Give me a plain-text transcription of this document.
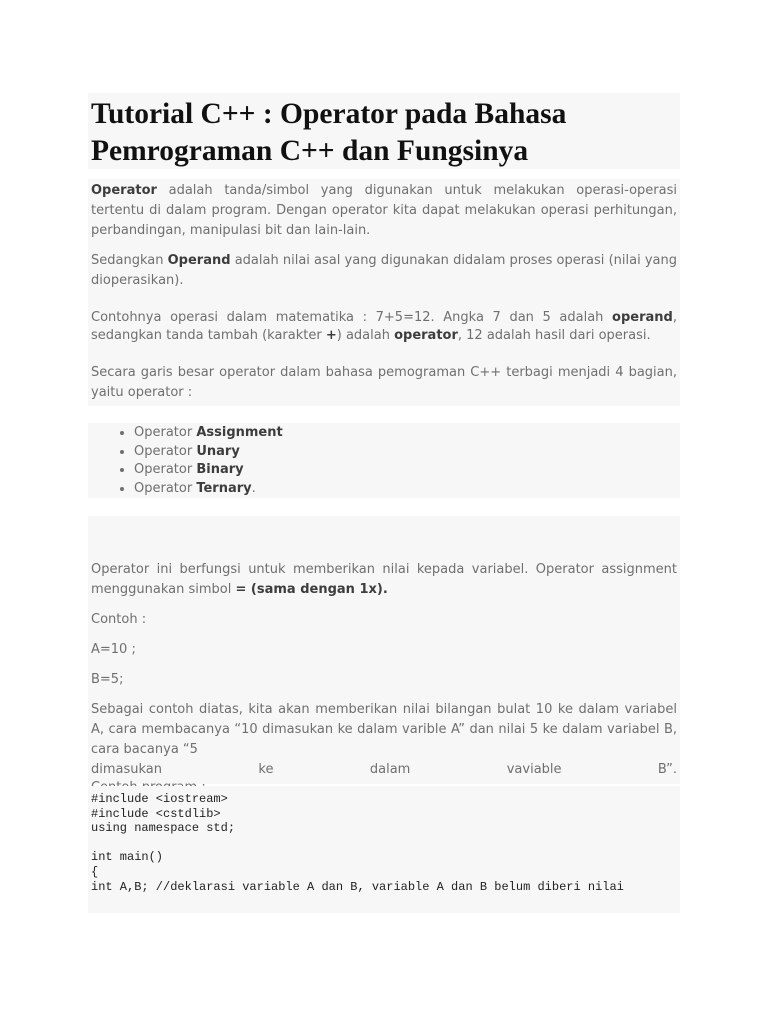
Tutorial C++ : Operator pada Bahasa
Pemrograman C++ dan Fungsinya

Operator adalah tanda/simbol yang digunakan untuk melakukan operasi-operasi tertentu di dalam program. Dengan operator kita dapat melakukan operasi perhitungan, perbandingan, manipulasi bit dan lain-lain.

Sedangkan Operand adalah nilai asal yang digunakan didalam proses operasi (nilai yang dioperasikan).

Contohnya operasi dalam matematika : 7+5=12. Angka 7 dan 5 adalah operand, sedangkan tanda tambah (karakter +) adalah operator, 12 adalah hasil dari operasi.

Secara garis besar operator dalam bahasa pemograman C++ terbagi menjadi 4 bagian, yaitu operator :

• Operator Assignment
• Operator Unary
• Operator Binary
• Operator Ternary.

Operator ini berfungsi untuk memberikan nilai kepada variabel. Operator assignment menggunakan simbol = (sama dengan 1x).

Contoh :

A=10 ;

B=5;

Sebagai contoh diatas, kita akan memberikan nilai bilangan bulat 10 ke dalam variabel A, cara membacanya “10 dimasukan ke dalam varible A” dan nilai 5 ke dalam variabel B, cara bacanya “5

dimasukan	ke	dalam	vaviable	B”.

#include <iostream>
#include <cstdlib>
using namespace std;

int main()
{
int A,B; //deklarasi variable A dan B, variable A dan B belum diberi nilai
